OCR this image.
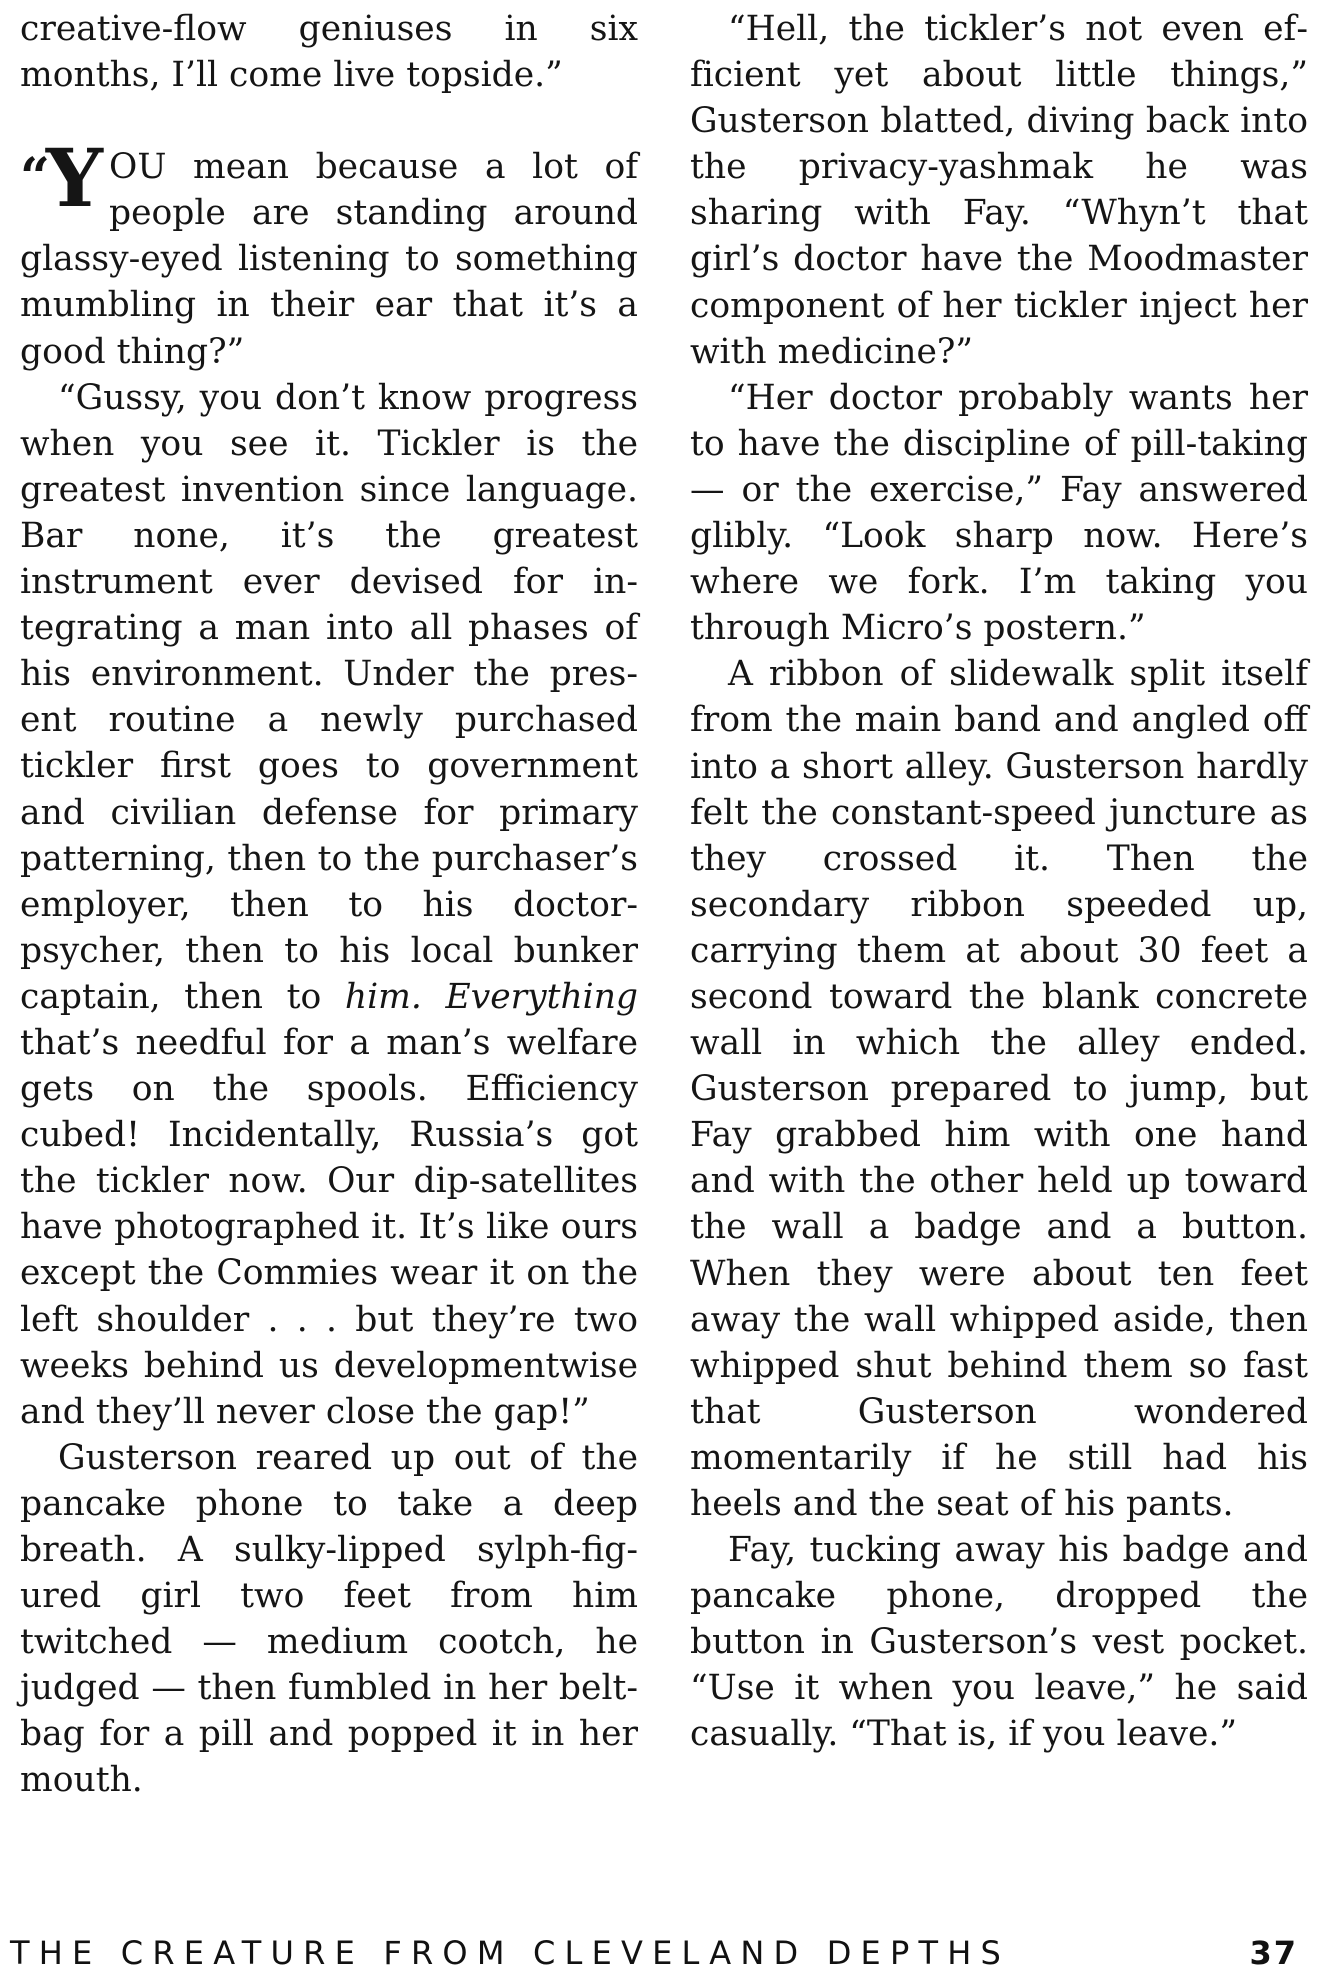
creative-flow geniuses in six months, I’ll come live topside.”

“Y OU mean because a lot of people are standing around glassy-eyed listening to something mumbling in their ear that it’s a good thing?”

“Gussy, you don’t know progress when you see it. Tickler is the greatest invention since language. Bar none, it’s the greatest instrument ever devised for integrating a man into all phases of his environment. Under the present routine a newly purchased tickler first goes to government and civilian defense for primary patterning, then to the purchaser’s employer, then to his doctor-psycher, then to his local bunker captain, then to him. Everything that’s needful for a man’s welfare gets on the spools. Efficiency cubed! Incidentally, Russia’s got the tickler now. Our dip-satellites have photographed it. It’s like ours except the Commies wear it on the left shoulder . . . but they’re two weeks behind us developmentwise and they’ll never close the gap!”

Gusterson reared up out of the pancake phone to take a deep breath. A sulky-lipped sylph-figured girl two feet from him twitched — medium cootch, he judged — then fumbled in her belt-bag for a pill and popped it in her mouth.

“Hell, the tickler’s not even efficient yet about little things,” Gusterson blatted, diving back into the privacy-yashmak he was sharing with Fay. “Whyn’t that girl’s doctor have the Moodmaster component of her tickler inject her with medicine?”

“Her doctor probably wants her to have the discipline of pill-taking — or the exercise,” Fay answered glibly. “Look sharp now. Here’s where we fork. I’m taking you through Micro’s postern.”

A ribbon of slidewalk split itself from the main band and angled off into a short alley. Gusterson hardly felt the constant-speed juncture as they crossed it. Then the secondary ribbon speeded up, carrying them at about 30 feet a second toward the blank concrete wall in which the alley ended. Gusterson prepared to jump, but Fay grabbed him with one hand and with the other held up toward the wall a badge and a button. When they were about ten feet away the wall whipped aside, then whipped shut behind them so fast that Gusterson wondered momentarily if he still had his heels and the seat of his pants.

Fay, tucking away his badge and pancake phone, dropped the button in Gusterson’s vest pocket. “Use it when you leave,” he said casually. “That is, if you leave.”

THE CREATURE FROM CLEVELAND DEPTHS	37
